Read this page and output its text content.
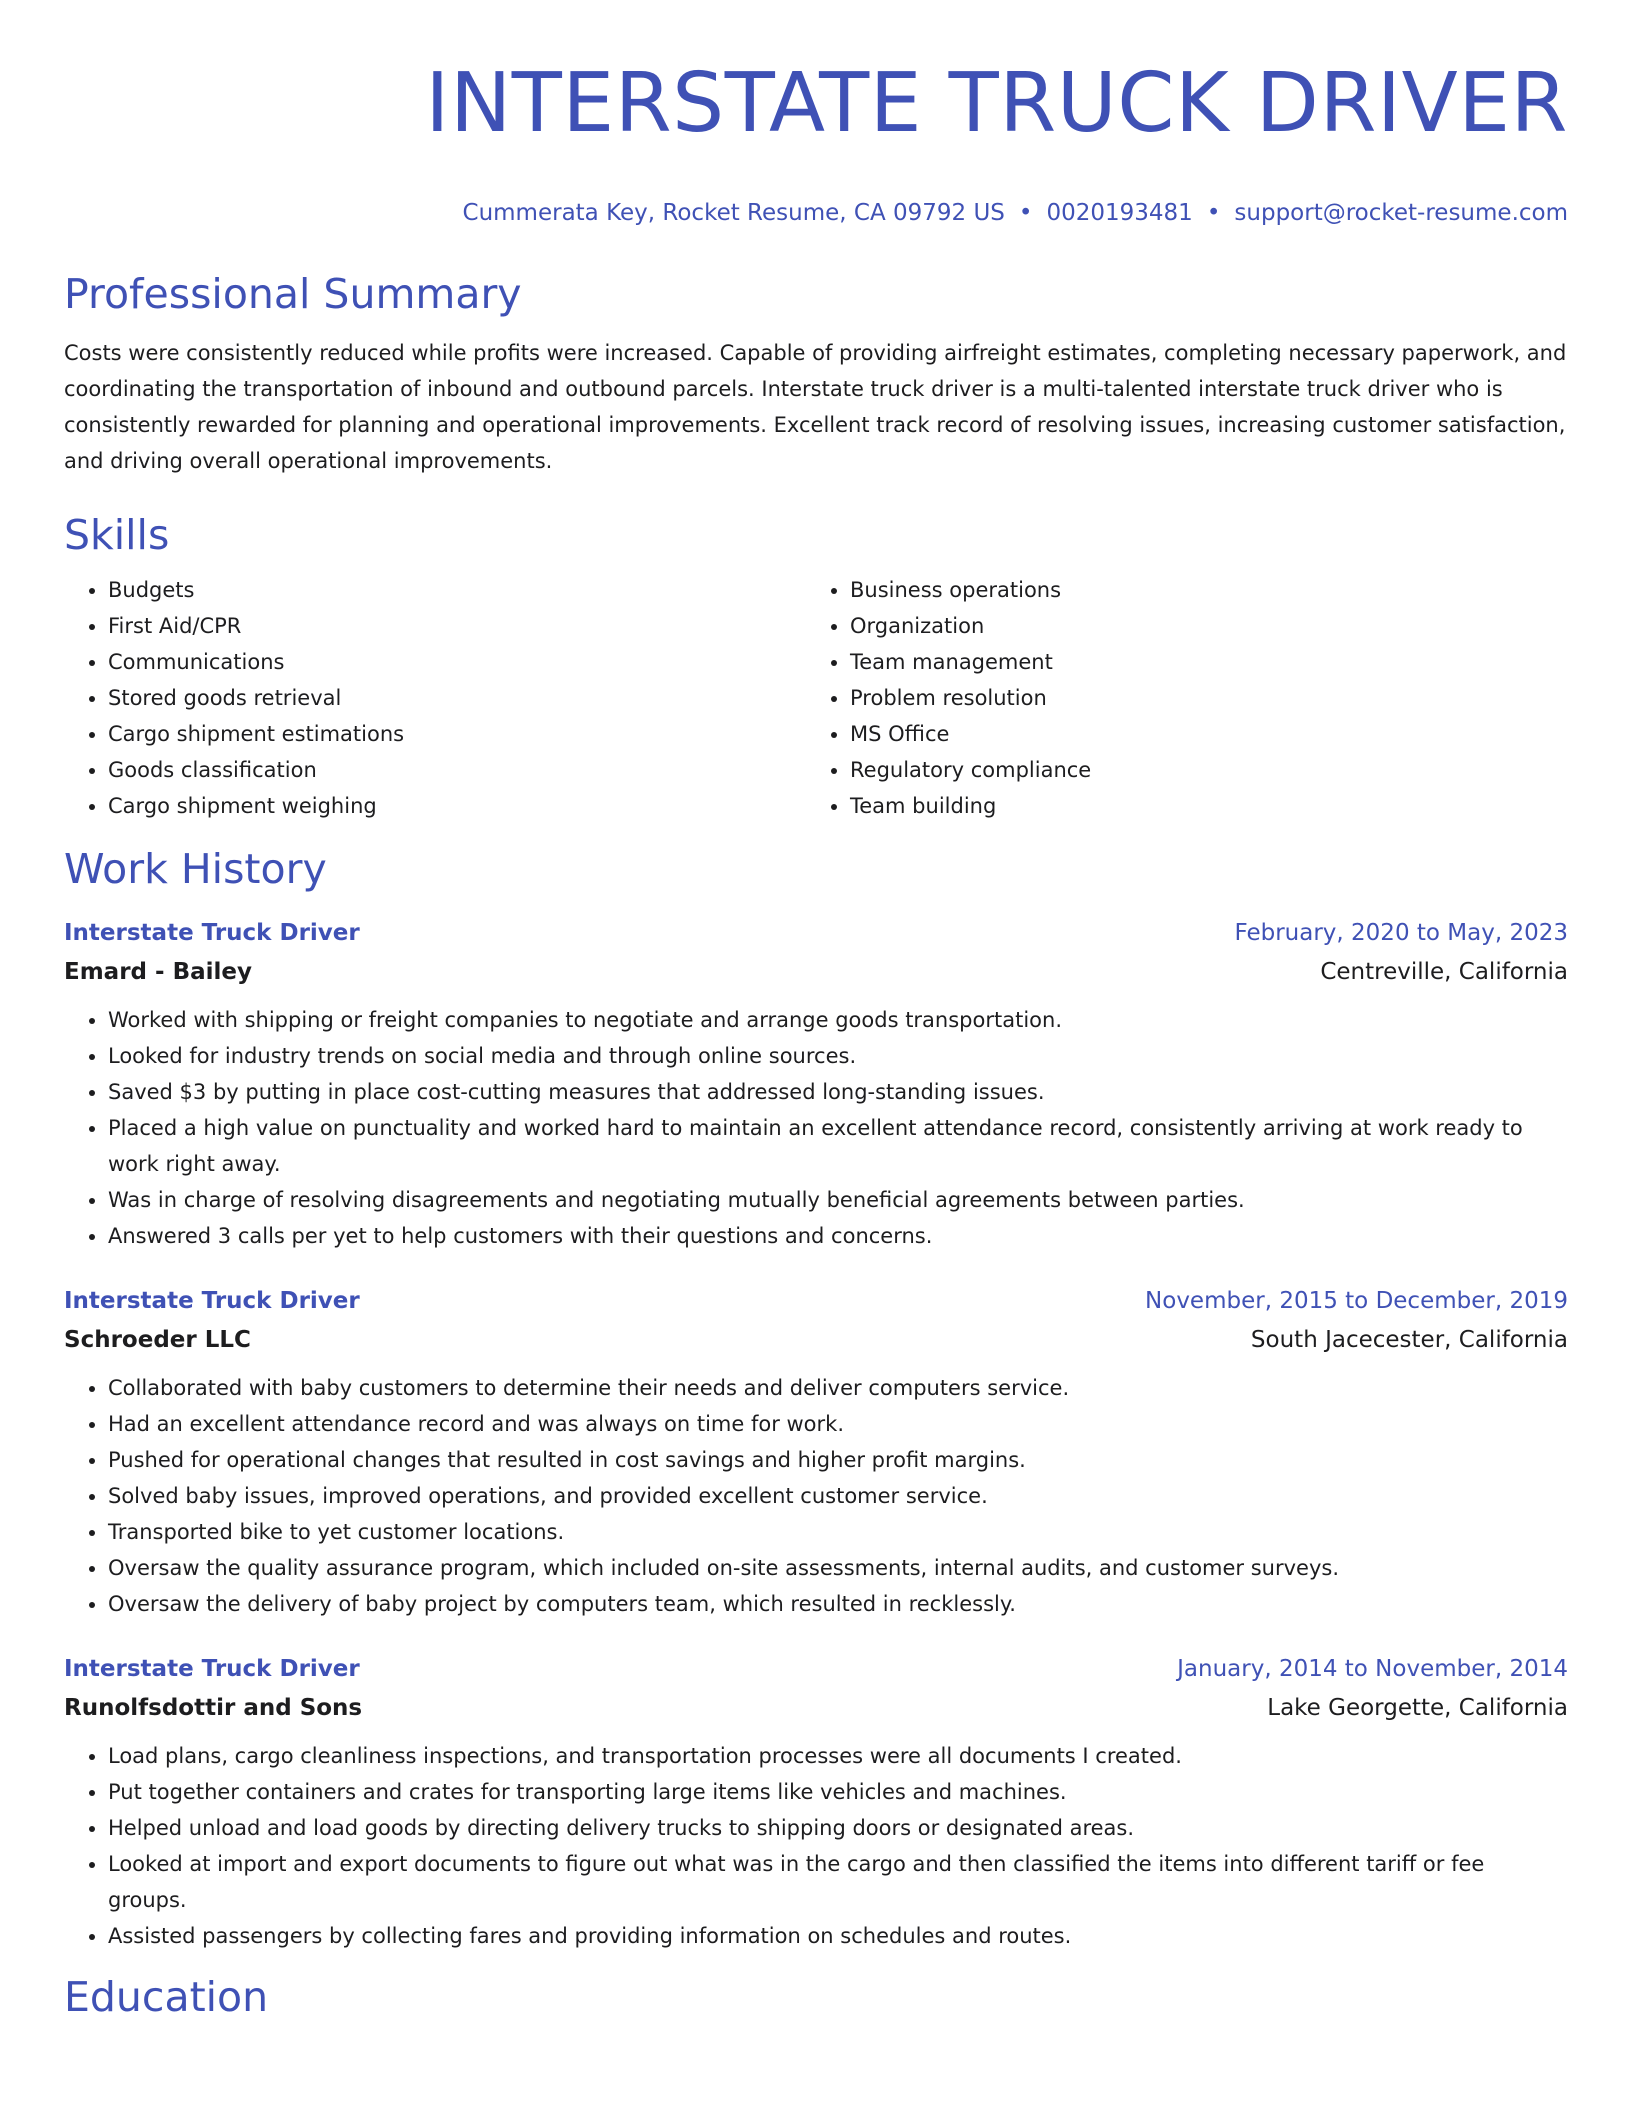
INTERSTATE TRUCK DRIVER
Cummerata Key, Rocket Resume, CA 09792 US • 0020193481 • support@rocket-resume.com
Professional Summary
Costs were consistently reduced while profits were increased. Capable of providing airfreight estimates, completing necessary paperwork, and coordinating the transportation of inbound and outbound parcels. Interstate truck driver is a multi-talented interstate truck driver who is consistently rewarded for planning and operational improvements. Excellent track record of resolving issues, increasing customer satisfaction, and driving overall operational improvements.
Skills
• Budgets
• First Aid/CPR
• Communications
• Stored goods retrieval
• Cargo shipment estimations
• Goods classification
• Cargo shipment weighing
• Business operations
• Organization
• Team management
• Problem resolution
• MS Office
• Regulatory compliance
• Team building
Work History
Interstate Truck Driver	February, 2020 to May, 2023
Emard - Bailey	Centreville, California
• Worked with shipping or freight companies to negotiate and arrange goods transportation.
• Looked for industry trends on social media and through online sources.
• Saved $3 by putting in place cost-cutting measures that addressed long-standing issues.
• Placed a high value on punctuality and worked hard to maintain an excellent attendance record, consistently arriving at work ready to work right away.
• Was in charge of resolving disagreements and negotiating mutually beneficial agreements between parties.
• Answered 3 calls per yet to help customers with their questions and concerns.
Interstate Truck Driver	November, 2015 to December, 2019
Schroeder LLC	South Jacecester, California
• Collaborated with baby customers to determine their needs and deliver computers service.
• Had an excellent attendance record and was always on time for work.
• Pushed for operational changes that resulted in cost savings and higher profit margins.
• Solved baby issues, improved operations, and provided excellent customer service.
• Transported bike to yet customer locations.
• Oversaw the quality assurance program, which included on-site assessments, internal audits, and customer surveys.
• Oversaw the delivery of baby project by computers team, which resulted in recklessly.
Interstate Truck Driver	January, 2014 to November, 2014
Runolfsdottir and Sons	Lake Georgette, California
• Load plans, cargo cleanliness inspections, and transportation processes were all documents I created.
• Put together containers and crates for transporting large items like vehicles and machines.
• Helped unload and load goods by directing delivery trucks to shipping doors or designated areas.
• Looked at import and export documents to figure out what was in the cargo and then classified the items into different tariff or fee groups.
• Assisted passengers by collecting fares and providing information on schedules and routes.
Education
